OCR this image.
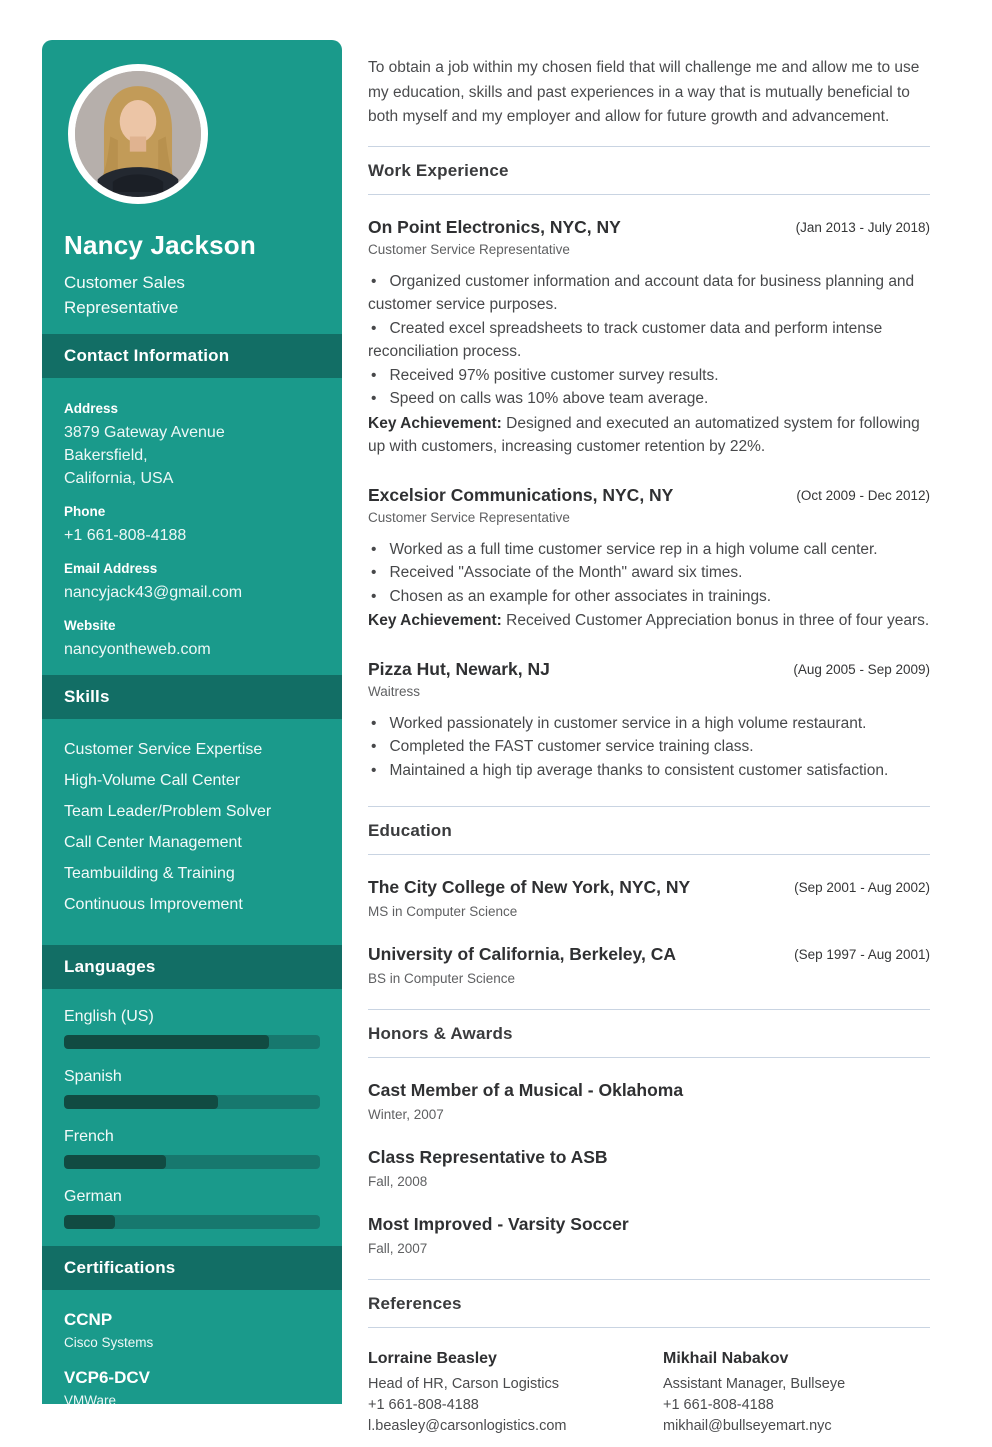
Nancy Jackson
Customer Sales Representative
Contact Information
Address
3879 Gateway Avenue
Bakersfield,
California, USA
Phone
+1 661-808-4188
Email Address
nancyjack43@gmail.com
Website
nancyontheweb.com
Skills
Customer Service Expertise
High-Volume Call Center
Team Leader/Problem Solver
Call Center Management
Teambuilding & Training
Continuous Improvement
Languages
English (US)
Spanish
French
German
Certifications
CCNP
Cisco Systems
VCP6-DCV
VMWare
DCUCI Exam

To obtain a job within my chosen field that will challenge me and allow me to use my education, skills and past experiences in a way that is mutually beneficial to both myself and my employer and allow for future growth and advancement.

Work Experience
On Point Electronics, NYC, NY	(Jan 2013 - July 2018)
Customer Service Representative
• Organized customer information and account data for business planning and customer service purposes.
• Created excel spreadsheets to track customer data and perform intense reconciliation process.
• Received 97% positive customer survey results.
• Speed on calls was 10% above team average.

Key Achievement: Designed and executed an automatized system for following up with customers, increasing customer retention by 22%.

Excelsior Communications, NYC, NY	(Oct 2009 - Dec 2012)
Customer Service Representative
• Worked as a full time customer service rep in a high volume call center.
• Received "Associate of the Month" award six times.
• Chosen as an example for other associates in trainings.

Key Achievement: Received Customer Appreciation bonus in three of four years.

Pizza Hut, Newark, NJ	(Aug 2005 - Sep 2009)
Waitress
• Worked passionately in customer service in a high volume restaurant.
• Completed the FAST customer service training class.
• Maintained a high tip average thanks to consistent customer satisfaction.
Education
The City College of New York, NYC, NY	(Sep 2001 - Aug 2002)
MS in Computer Science
University of California, Berkeley, CA	(Sep 1997 - Aug 2001)
BS in Computer Science
Honors & Awards
Cast Member of a Musical - Oklahoma
Winter, 2007
Class Representative to ASB
Fall, 2008
Most Improved - Varsity Soccer
Fall, 2007
References
Lorraine Beasley
Head of HR, Carson Logistics
+1 661-808-4188
l.beasley@carsonlogistics.com
Mikhail Nabakov
Assistant Manager, Bullseye
+1 661-808-4188
mikhail@bullseyemart.nyc
